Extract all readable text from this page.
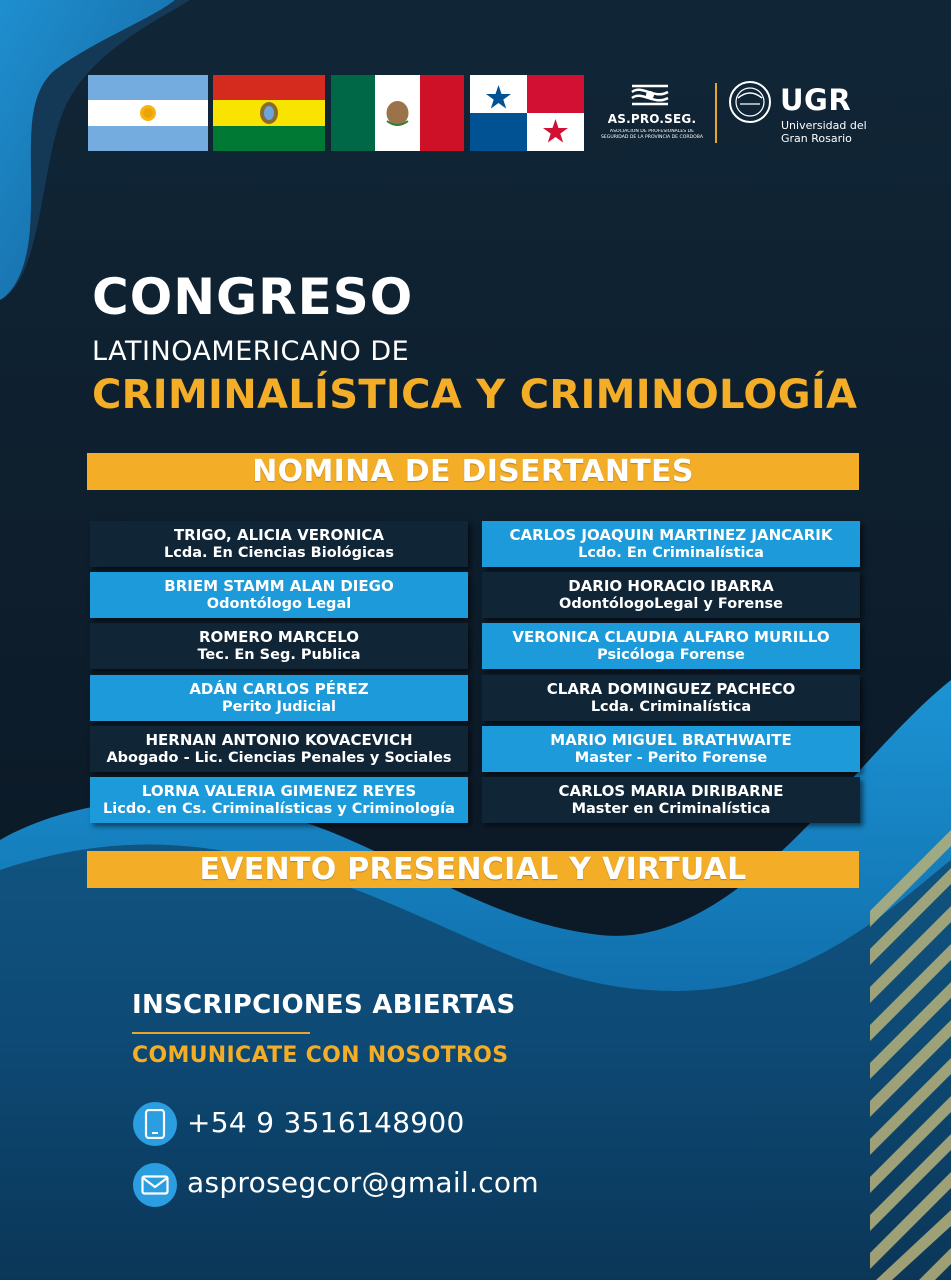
AS.PRO.SEG.
ASOCIACION DE PROFESIONALES DE SEGURIDAD DE LA PROVINCIA DE CORDOBA
UGR
Universidad del
Gran Rosario
CONGRESO
LATINOAMERICANO DE
CRIMINALÍSTICA Y CRIMINOLOGÍA
NOMINA DE DISERTANTES
TRIGO, ALICIA VERONICA
Lcda. En Ciencias Biológicas
BRIEM STAMM ALAN DIEGO
Odontólogo Legal
ROMERO MARCELO
Tec. En Seg. Publica
ADÁN CARLOS PÉREZ
Perito Judicial
HERNAN ANTONIO KOVACEVICH
Abogado - Lic. Ciencias Penales y Sociales
LORNA VALERIA GIMENEZ REYES
Licdo. en Cs. Criminalísticas y Criminología
CARLOS JOAQUIN MARTINEZ JANCARIK
Lcdo. En Criminalística
DARIO HORACIO IBARRA
OdontólogoLegal y Forense
VERONICA CLAUDIA ALFARO MURILLO
Psicóloga Forense
CLARA DOMINGUEZ PACHECO
Lcda. Criminalística
MARIO MIGUEL BRATHWAITE
Master - Perito Forense
CARLOS MARIA DIRIBARNE
Master en Criminalística
EVENTO PRESENCIAL Y VIRTUAL
INSCRIPCIONES ABIERTAS
COMUNICATE CON NOSOTROS
+54 9 3516148900
asprosegcor@gmail.com
